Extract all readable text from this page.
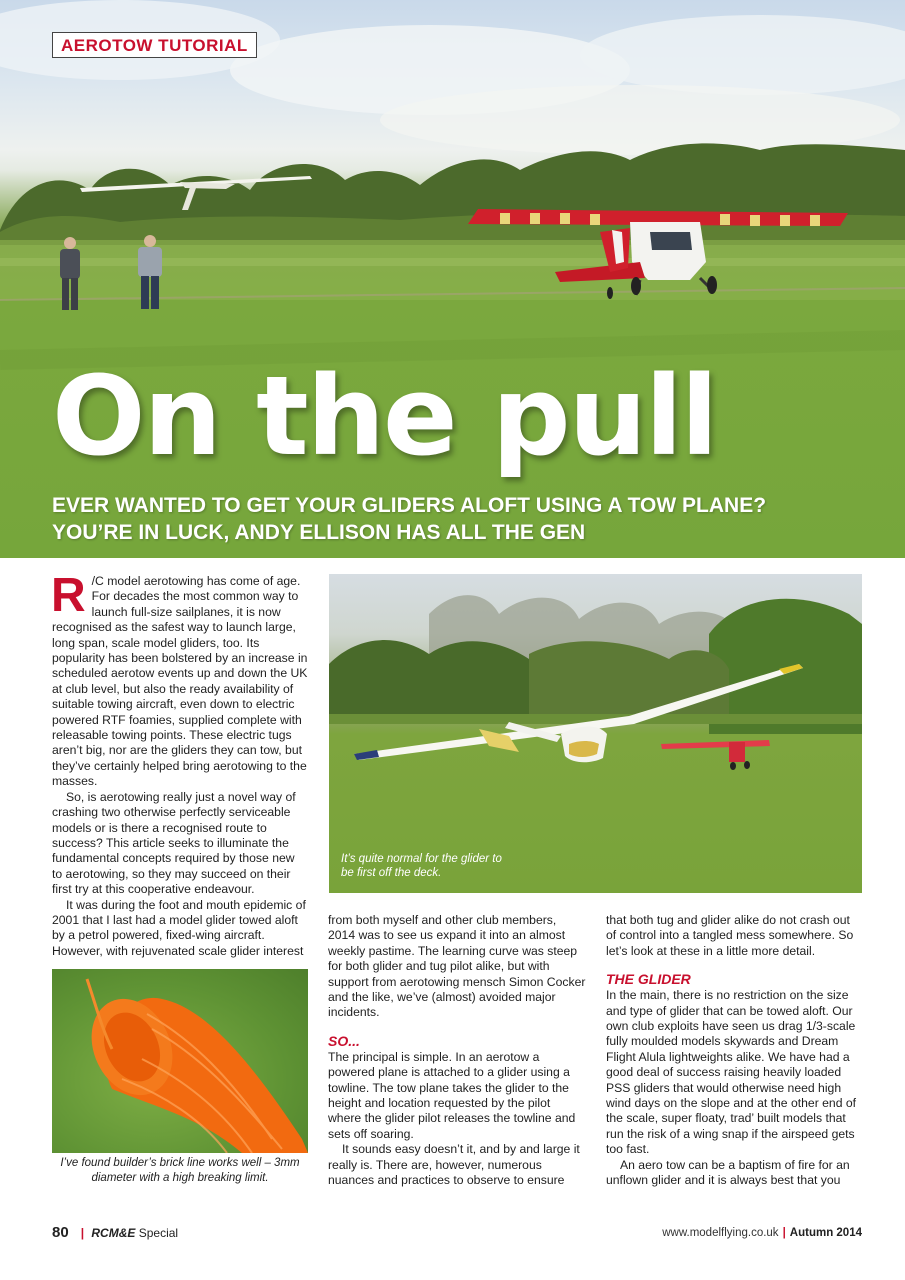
AEROTOW TUTORIAL
On the pull
EVER WANTED TO GET YOUR GLIDERS ALOFT USING A TOW PLANE?
YOU’RE IN LUCK, ANDY ELLISON HAS ALL THE GEN

R /C model aerotowing has come of age. For decades the most common way to launch full-size sailplanes, it is now recognised as the safest way to launch large, long span, scale model gliders, too. Its popularity has been bolstered by an increase in scheduled aerotow events up and down the UK at club level, but also the ready availability of suitable towing aircraft, even down to electric powered RTF foamies, supplied complete with releasable towing points. These electric tugs aren’t big, nor are the gliders they can tow, but they’ve certainly helped bring aerotowing to the masses.

So, is aerotowing really just a novel way of crashing two otherwise perfectly serviceable models or is there a recognised route to success? This article seeks to illuminate the fundamental concepts required by those new to aerotowing, so they may succeed on their first try at this cooperative endeavour.

It was during the foot and mouth epidemic of 2001 that I last had a model glider towed aloft by a petrol powered, fixed-wing aircraft. However, with rejuvenated scale glider interest

It’s quite normal for the glider to be first off the deck.
I’ve found builder’s brick line works well – 3mm diameter with a high breaking limit.

from both myself and other club members, 2014 was to see us expand it into an almost weekly pastime. The learning curve was steep for both glider and tug pilot alike, but with support from aerotowing mensch Simon Cocker and the like, we’ve (almost) avoided major incidents.

SO...

The principal is simple. In an aerotow a powered plane is attached to a glider using a towline. The tow plane takes the glider to the height and location requested by the pilot where the glider pilot releases the towline and sets off soaring.

It sounds easy doesn’t it, and by and large it really is. There are, however, numerous nuances and practices to observe to ensure

that both tug and glider alike do not crash out of control into a tangled mess somewhere. So let’s look at these in a little more detail.

THE GLIDER

In the main, there is no restriction on the size and type of glider that can be towed aloft. Our own club exploits have seen us drag 1/3-scale fully moulded models skywards and Dream Flight Alula lightweights alike. We have had a good deal of success raising heavily loaded PSS gliders that would otherwise need high wind days on the slope and at the other end of the scale, super floaty, trad’ built models that run the risk of a wing snap if the airspeed gets too fast.

An aero tow can be a baptism of fire for an unflown glider and it is always best that you

80 | RCM&E Special	www.modelflying.co.uk | Autumn 2014
